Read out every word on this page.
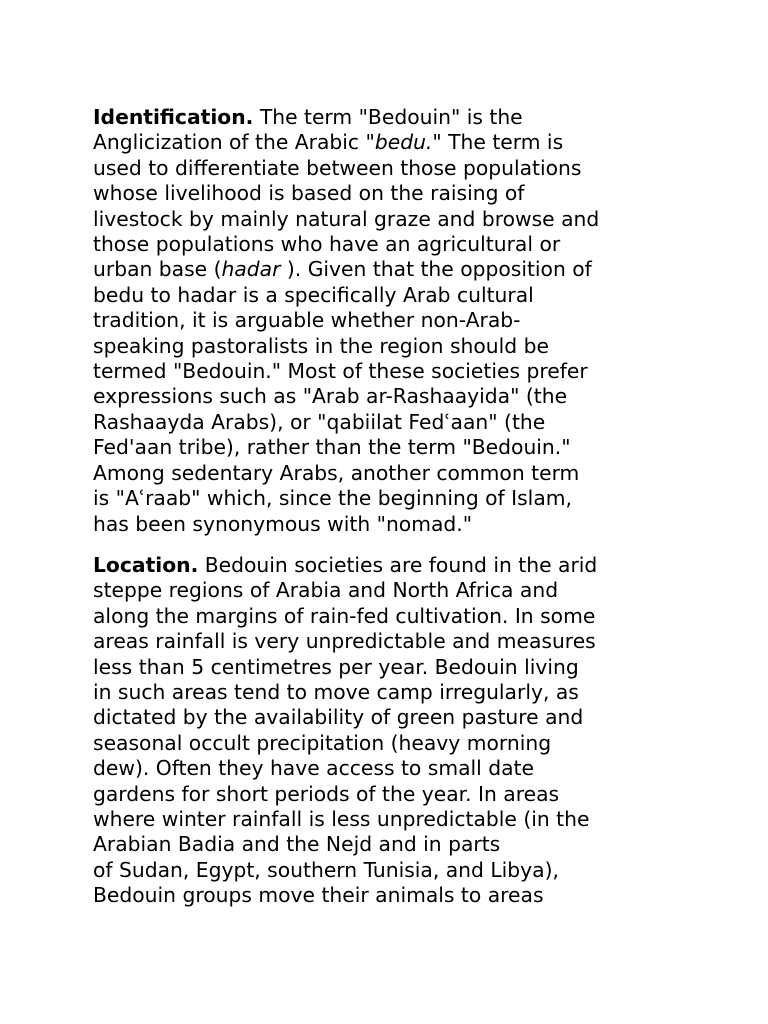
Identification. The term "Bedouin" is the
Anglicization of the Arabic "bedu." The term is
used to differentiate between those populations
whose livelihood is based on the raising of
livestock by mainly natural graze and browse and
those populations who have an agricultural or
urban base (hadar ). Given that the opposition of
bedu to hadar is a specifically Arab cultural
tradition, it is arguable whether non-Arab-
speaking pastoralists in the region should be
termed "Bedouin." Most of these societies prefer
expressions such as "Arab ar-Rashaayida" (the
Rashaayda Arabs), or "qabiilat Fedʿaan" (the
Fed'aan tribe), rather than the term "Bedouin."
Among sedentary Arabs, another common term
is "Aʿraab" which, since the beginning of Islam,
has been synonymous with "nomad."

Location. Bedouin societies are found in the arid
steppe regions of Arabia and North Africa and
along the margins of rain-fed cultivation. In some
areas rainfall is very unpredictable and measures
less than 5 centimetres per year. Bedouin living
in such areas tend to move camp irregularly, as
dictated by the availability of green pasture and
seasonal occult precipitation (heavy morning
dew). Often they have access to small date
gardens for short periods of the year. In areas
where winter rainfall is less unpredictable (in the
Arabian Badia and the Nejd and in parts
of Sudan, Egypt, southern Tunisia, and Libya),
Bedouin groups move their animals to areas
